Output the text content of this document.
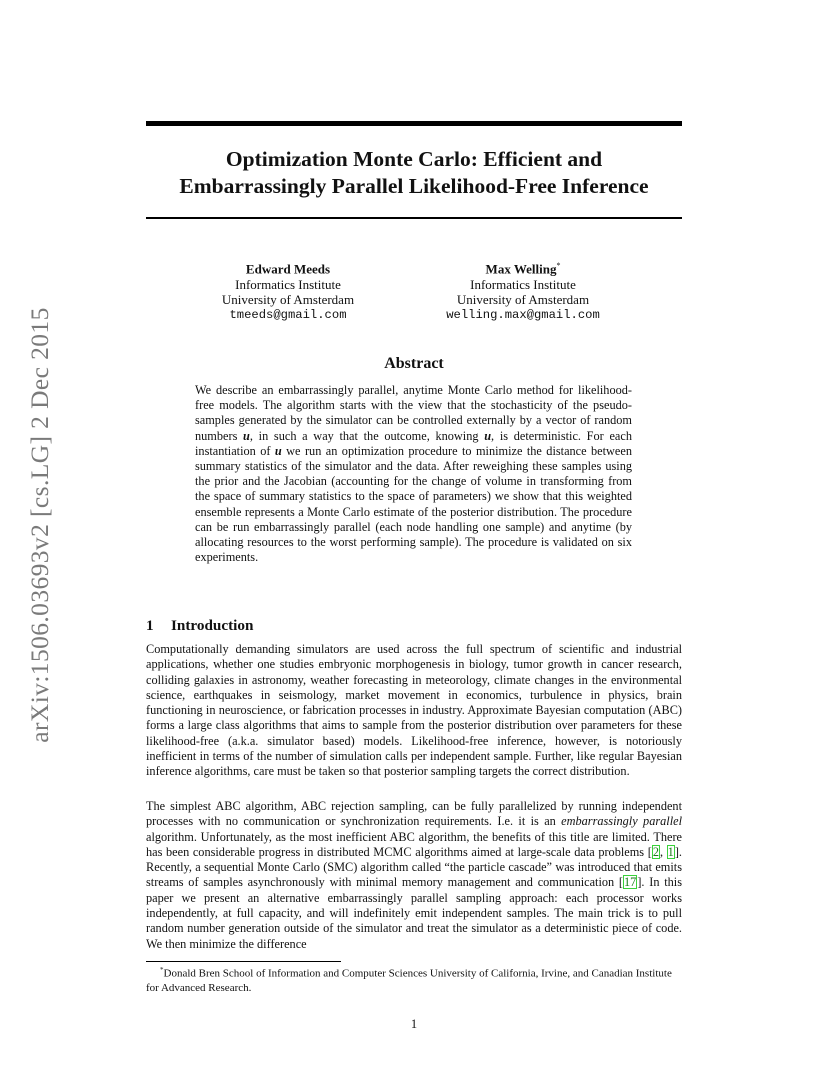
arXiv:1506.03693v2 [cs.LG] 2 Dec 2015
Optimization Monte Carlo: Efficient and
Embarrassingly Parallel Likelihood-Free Inference
Edward Meeds
Informatics Institute
University of Amsterdam
tmeeds@gmail.com
Max Welling*
Informatics Institute
University of Amsterdam
welling.max@gmail.com
Abstract
We describe an embarrassingly parallel, anytime Monte Carlo method for likelihood-free models. The algorithm starts with the view that the stochasticity of the pseudo-samples generated by the simulator can be controlled externally by a vector of random numbers u, in such a way that the outcome, knowing u, is deterministic. For each instantiation of u we run an optimization procedure to minimize the distance between summary statistics of the simulator and the data. After reweighing these samples using the prior and the Jacobian (accounting for the change of volume in transforming from the space of summary statistics to the space of parameters) we show that this weighted ensemble represents a Monte Carlo estimate of the posterior distribution. The procedure can be run embarrassingly parallel (each node handling one sample) and anytime (by allocating resources to the worst performing sample). The procedure is validated on six experiments.
1 Introduction
Computationally demanding simulators are used across the full spectrum of scientific and industrial applications, whether one studies embryonic morphogenesis in biology, tumor growth in cancer research, colliding galaxies in astronomy, weather forecasting in meteorology, climate changes in the environmental science, earthquakes in seismology, market movement in economics, turbulence in physics, brain functioning in neuroscience, or fabrication processes in industry. Approximate Bayesian computation (ABC) forms a large class algorithms that aims to sample from the posterior distribution over parameters for these likelihood-free (a.k.a. simulator based) models. Likelihood-free inference, however, is notoriously inefficient in terms of the number of simulation calls per independent sample. Further, like regular Bayesian inference algorithms, care must be taken so that posterior sampling targets the correct distribution.
The simplest ABC algorithm, ABC rejection sampling, can be fully parallelized by running independent processes with no communication or synchronization requirements. I.e. it is an embarrassingly parallel algorithm. Unfortunately, as the most inefficient ABC algorithm, the benefits of this title are limited. There has been considerable progress in distributed MCMC algorithms aimed at large-scale data problems [2, 1]. Recently, a sequential Monte Carlo (SMC) algorithm called “the particle cascade” was introduced that emits streams of samples asynchronously with minimal memory management and communication [17]. In this paper we present an alternative embarrassingly parallel sampling approach: each processor works independently, at full capacity, and will indefinitely emit independent samples. The main trick is to pull random number generation outside of the simulator and treat the simulator as a deterministic piece of code. We then minimize the difference
*Donald Bren School of Information and Computer Sciences University of California, Irvine, and Canadian Institute for Advanced Research.
1
